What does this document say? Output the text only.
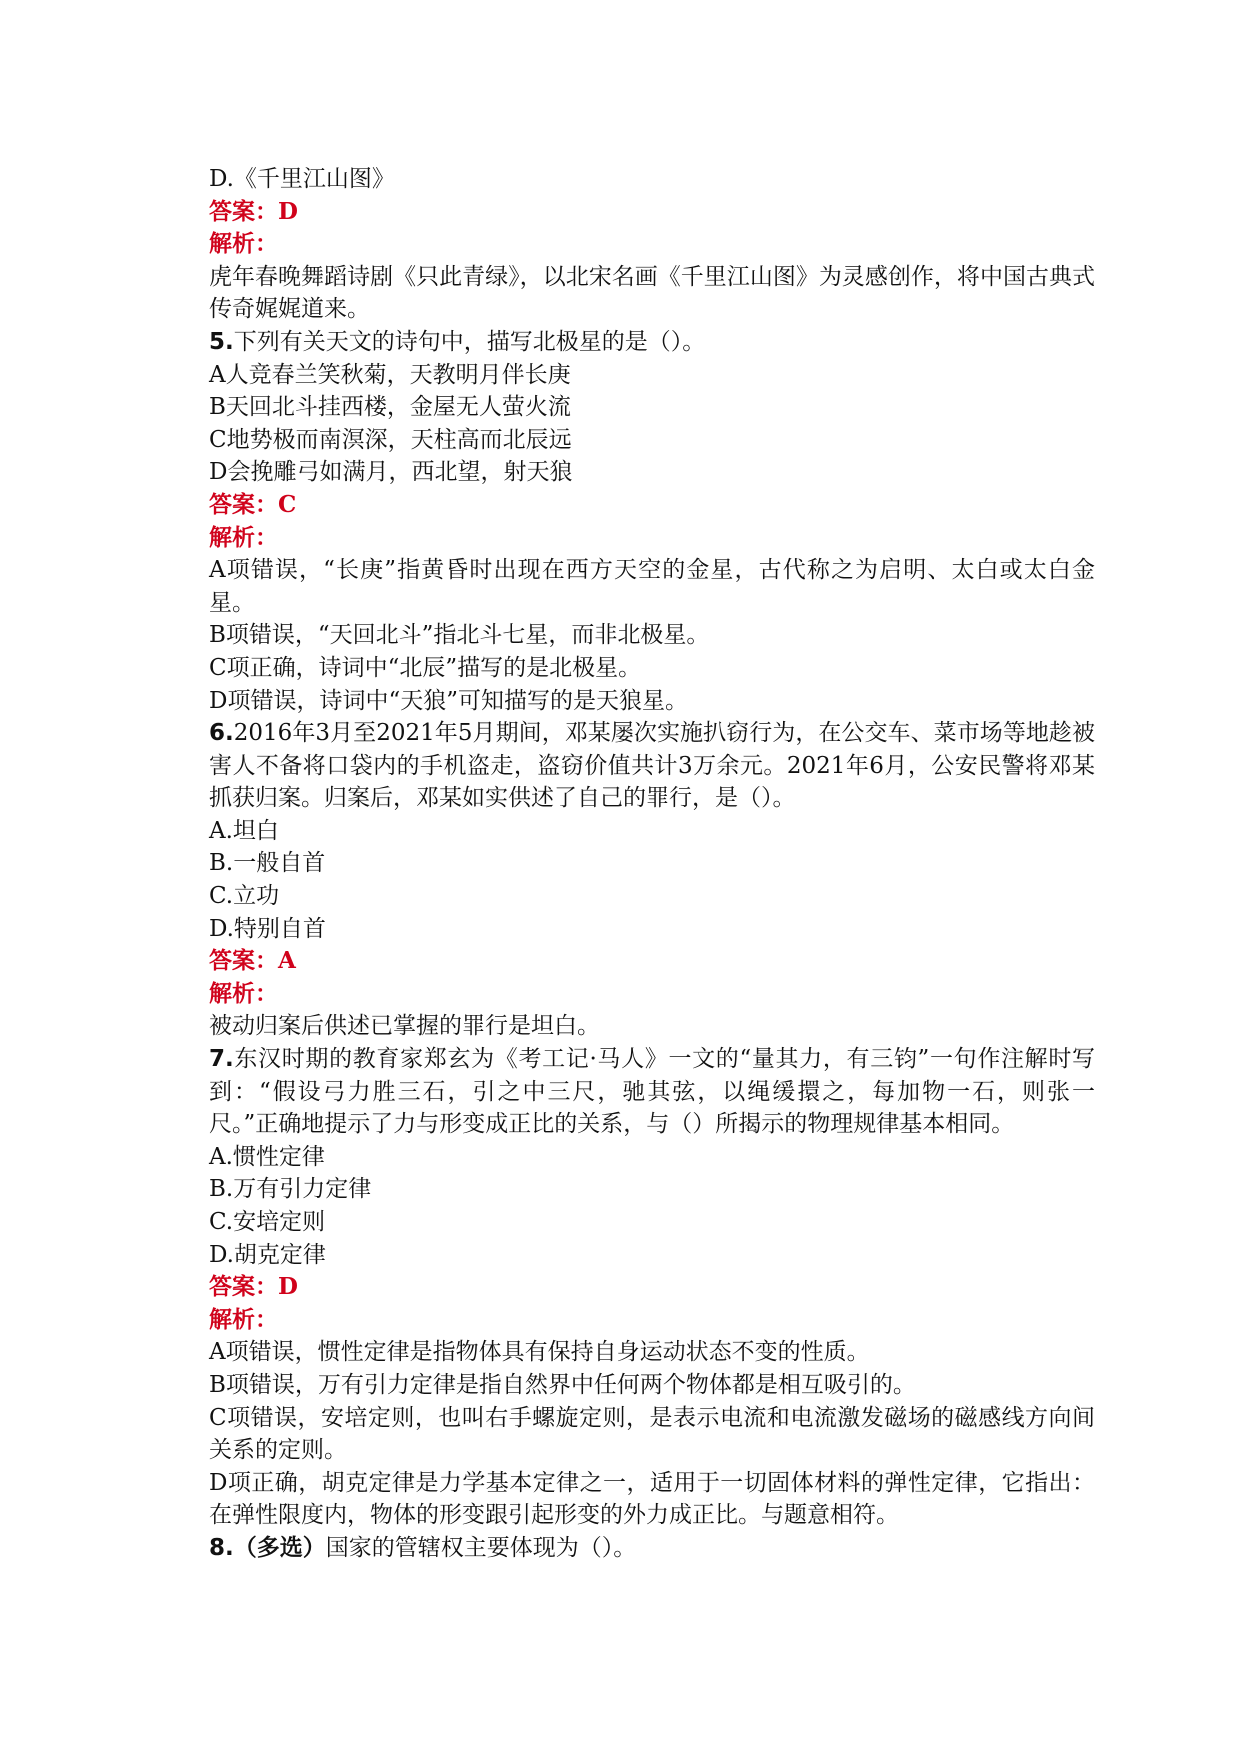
D.《千里江山图》
答案：D
解析：
虎年春晚舞蹈诗剧《只此青绿》，以北宋名画《千里江山图》为灵感创作，将中国古典式传奇娓娓道来。
5.下列有关天文的诗句中，描写北极星的是（）。
A人竞春兰笑秋菊，天教明月伴长庚
B天回北斗挂西楼，金屋无人萤火流
C地势极而南溟深，天柱高而北辰远
D会挽雕弓如满月，西北望，射天狼
答案：C
解析：
A项错误，“长庚”指黄昏时出现在西方天空的金星，古代称之为启明、太白或太白金星。
B项错误，“天回北斗”指北斗七星，而非北极星。
C项正确，诗词中“北辰”描写的是北极星。
D项错误，诗词中“天狼”可知描写的是天狼星。
6.2016年3月至2021年5月期间，邓某屡次实施扒窃行为，在公交车、菜市场等地趁被害人不备将口袋内的手机盗走，盗窃价值共计3万余元。2021年6月，公安民警将邓某抓获归案。归案后，邓某如实供述了自己的罪行，是（）。
A.坦白
B.一般自首
C.立功
D.特别自首
答案：A
解析：
被动归案后供述已掌握的罪行是坦白。
7.东汉时期的教育家郑玄为《考工记·马人》一文的“量其力，有三钧”一句作注解时写到：“假设弓力胜三石，引之中三尺，驰其弦，以绳缓擐之，每加物一石，则张一尺。”正确地提示了力与形变成正比的关系，与（）所揭示的物理规律基本相同。
A.惯性定律
B.万有引力定律
C.安培定则
D.胡克定律
答案：D
解析：
A项错误，惯性定律是指物体具有保持自身运动状态不变的性质。
B项错误，万有引力定律是指自然界中任何两个物体都是相互吸引的。
C项错误，安培定则，也叫右手螺旋定则，是表示电流和电流激发磁场的磁感线方向间关系的定则。
D项正确，胡克定律是力学基本定律之一，适用于一切固体材料的弹性定律，它指出：在弹性限度内，物体的形变跟引起形变的外力成正比。与题意相符。
8.（多选）国家的管辖权主要体现为（）。
